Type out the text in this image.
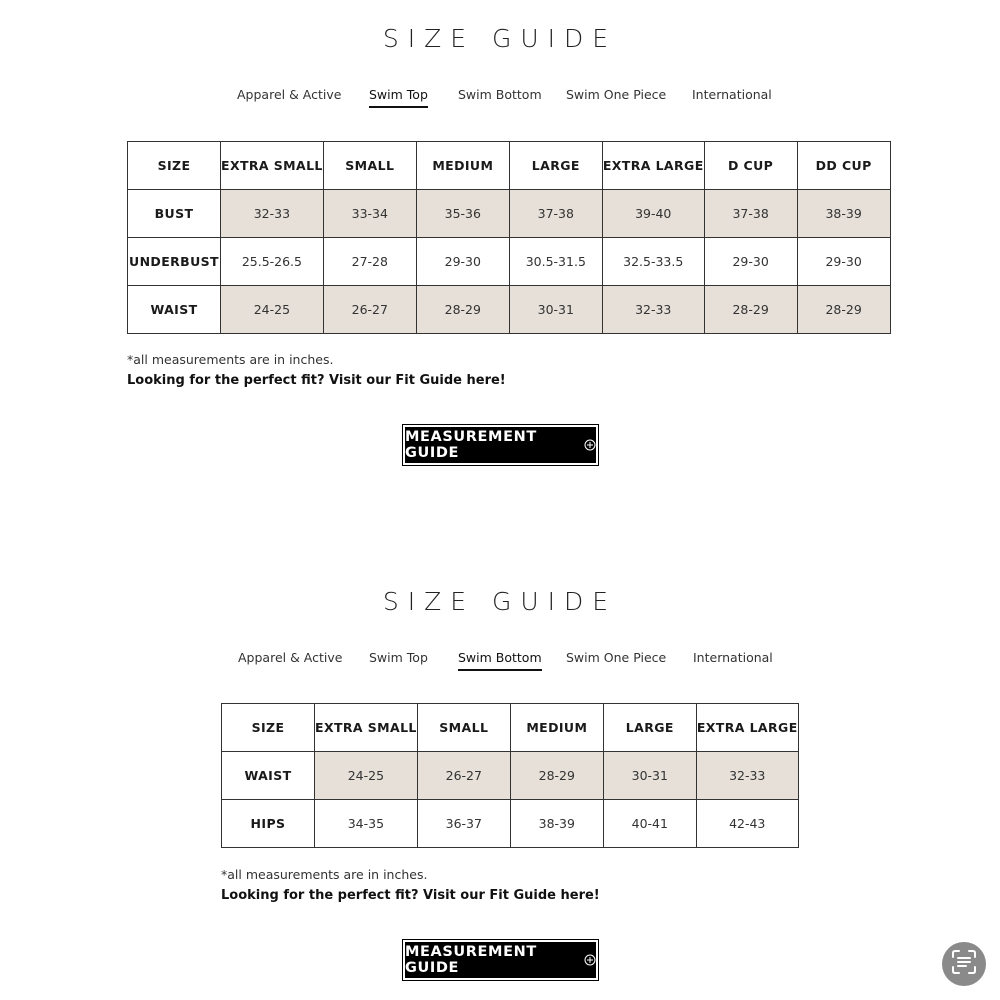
SIZE GUIDE
Apparel & Active Swim Top Swim Bottom Swim One Piece International
SIZE	EXTRA SMALL	SMALL	MEDIUM	LARGE	EXTRA LARGE	D CUP	DD CUP
BUST	32-33	33-34	35-36	37-38	39-40	37-38	38-39
UNDERBUST	25.5-26.5	27-28	29-30	30.5-31.5	32.5-33.5	29-30	29-30
WAIST	24-25	26-27	28-29	30-31	32-33	28-29	28-29
*all measurements are in inches.
Looking for the perfect fit? Visit our Fit Guide here!
MEASUREMENT GUIDE
SIZE GUIDE
Apparel & Active Swim Top Swim Bottom Swim One Piece International
SIZE	EXTRA SMALL	SMALL	MEDIUM	LARGE	EXTRA LARGE
WAIST	24-25	26-27	28-29	30-31	32-33
HIPS	34-35	36-37	38-39	40-41	42-43
*all measurements are in inches.
Looking for the perfect fit? Visit our Fit Guide here!
MEASUREMENT GUIDE
